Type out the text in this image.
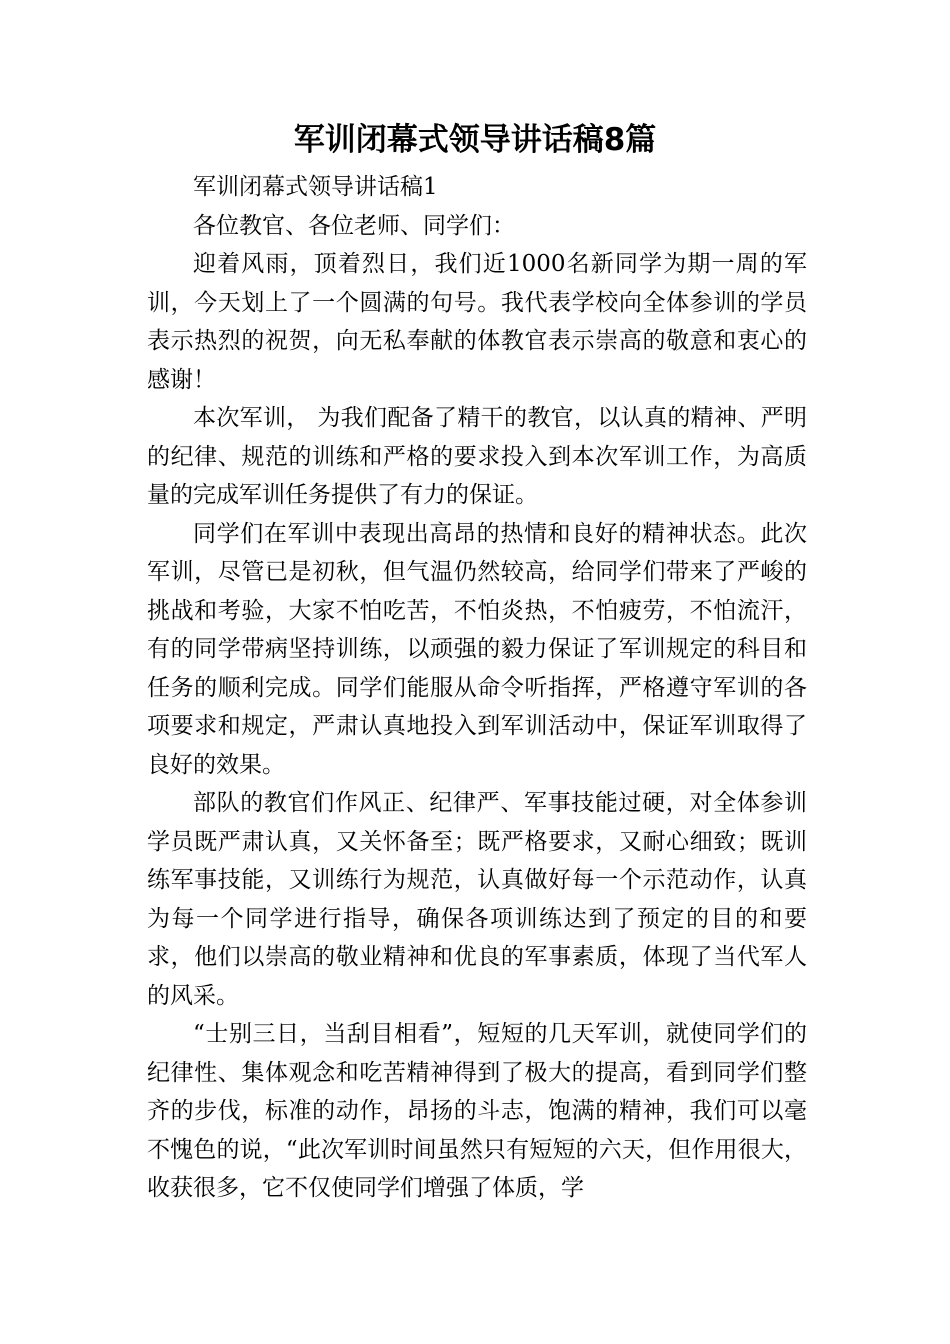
军训闭幕式领导讲话稿8篇

军训闭幕式领导讲话稿1

各位教官、各位老师、同学们：

迎着风雨，顶着烈日，我们近1000名新同学为期一周的军训，今天划上了一个圆满的句号。我代表学校向全体参训的学员表示热烈的祝贺，向无私奉献的体教官表示崇高的敬意和衷心的感谢！

本次军训， 为我们配备了精干的教官，以认真的精神、严明的纪律、规范的训练和严格的要求投入到本次军训工作，为高质量的完成军训任务提供了有力的保证。

同学们在军训中表现出高昂的热情和良好的精神状态。此次军训，尽管已是初秋，但气温仍然较高，给同学们带来了严峻的挑战和考验，大家不怕吃苦，不怕炎热，不怕疲劳，不怕流汗，有的同学带病坚持训练，以顽强的毅力保证了军训规定的科目和任务的顺利完成。同学们能服从命令听指挥，严格遵守军训的各项要求和规定，严肃认真地投入到军训活动中，保证军训取得了良好的效果。

部队的教官们作风正、纪律严、军事技能过硬，对全体参训学员既严肃认真，又关怀备至；既严格要求，又耐心细致；既训练军事技能，又训练行为规范，认真做好每一个示范动作，认真为每一个同学进行指导，确保各项训练达到了预定的目的和要求，他们以崇高的敬业精神和优良的军事素质，体现了当代军人的风采。

“士别三日，当刮目相看”，短短的几天军训，就使同学们的纪律性、集体观念和吃苦精神得到了极大的提高，看到同学们整齐的步伐，标准的动作，昂扬的斗志，饱满的精神，我们可以毫不愧色的说，“此次军训时间虽然只有短短的六天，但作用很大，收获很多，它不仅使同学们增强了体质，学
